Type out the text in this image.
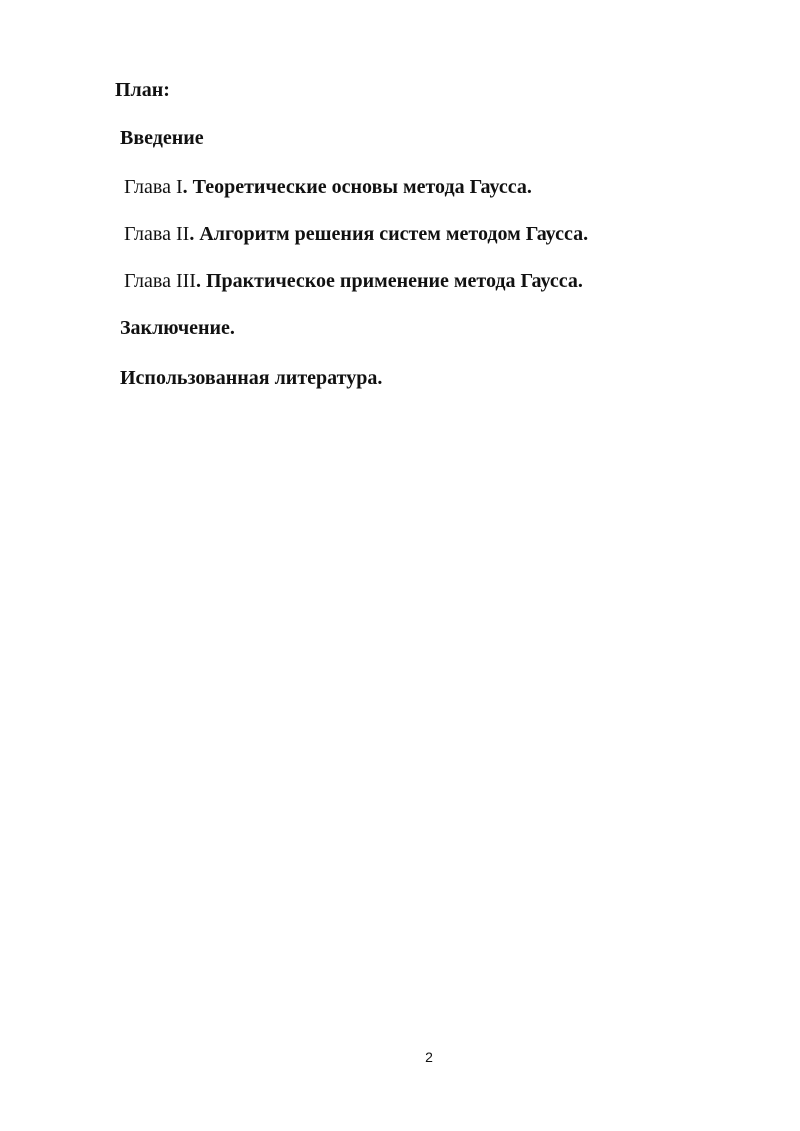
План:
Введение
Глава I. Теоретические основы метода Гаусса.
Глава II. Алгоритм решения систем методом Гаусса.
Глава III. Практическое применение метода Гаусса.
Заключение.
Использованная литература.
2
